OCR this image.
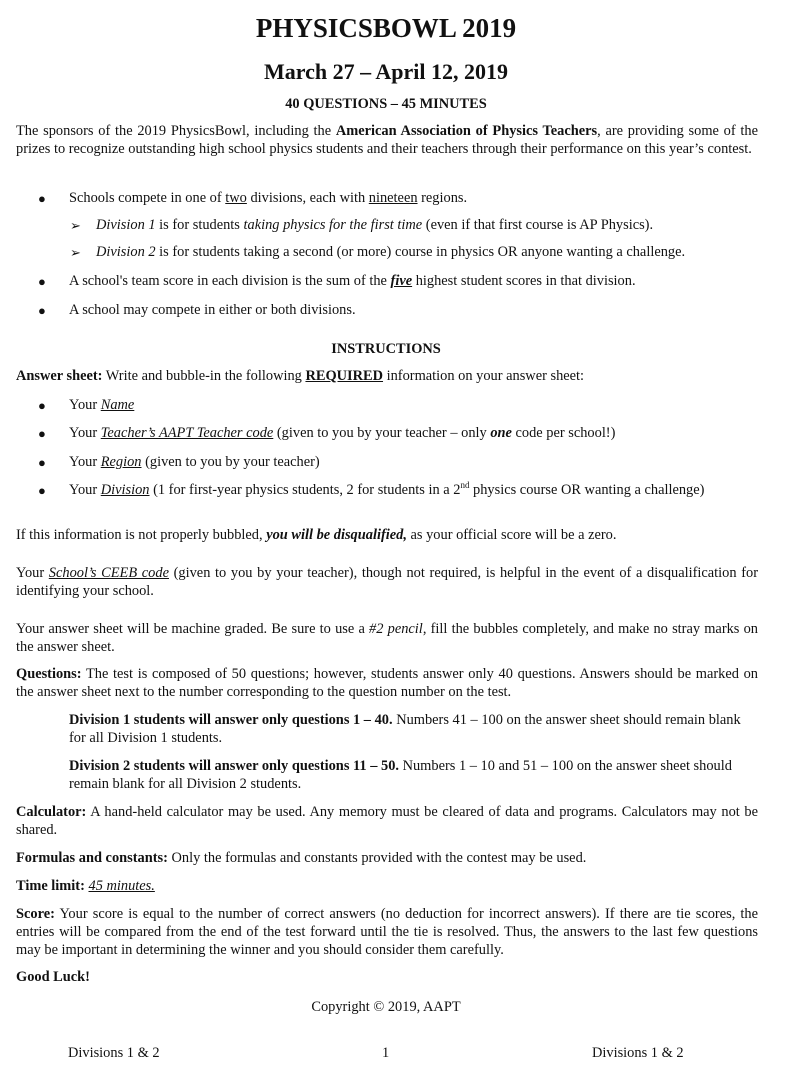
PHYSICSBOWL 2019
March 27 – April 12, 2019
40 QUESTIONS – 45 MINUTES
The sponsors of the 2019 PhysicsBowl, including the American Association of Physics Teachers, are providing some of the prizes to recognize outstanding high school physics students and their teachers through their performance on this year’s contest.
● Schools compete in one of two divisions, each with nineteen regions.
➢ Division 1 is for students taking physics for the first time (even if that first course is AP Physics).
➢ Division 2 is for students taking a second (or more) course in physics OR anyone wanting a challenge.
● A school's team score in each division is the sum of the five highest student scores in that division.
● A school may compete in either or both divisions.
INSTRUCTIONS
Answer sheet: Write and bubble-in the following REQUIRED information on your answer sheet:
● Your Name
● Your Teacher’s AAPT Teacher code (given to you by your teacher – only one code per school!)
● Your Region (given to you by your teacher)
● Your Division (1 for first-year physics students, 2 for students in a 2nd physics course OR wanting a challenge)
If this information is not properly bubbled, you will be disqualified, as your official score will be a zero.
Your School’s CEEB code (given to you by your teacher), though not required, is helpful in the event of a disqualification for identifying your school.
Your answer sheet will be machine graded. Be sure to use a #2 pencil, fill the bubbles completely, and make no stray marks on the answer sheet.
Questions: The test is composed of 50 questions; however, students answer only 40 questions. Answers should be marked on the answer sheet next to the number corresponding to the question number on the test.
Division 1 students will answer only questions 1 – 40. Numbers 41 – 100 on the answer sheet should remain blank for all Division 1 students.
Division 2 students will answer only questions 11 – 50. Numbers 1 – 10 and 51 – 100 on the answer sheet should remain blank for all Division 2 students.
Calculator: A hand-held calculator may be used. Any memory must be cleared of data and programs. Calculators may not be shared.
Formulas and constants: Only the formulas and constants provided with the contest may be used.
Time limit: 45 minutes.
Score: Your score is equal to the number of correct answers (no deduction for incorrect answers). If there are tie scores, the entries will be compared from the end of the test forward until the tie is resolved. Thus, the answers to the last few questions may be important in determining the winner and you should consider them carefully.
Good Luck!
Copyright © 2019, AAPT
Divisions 1 & 2	1	Divisions 1 & 2
